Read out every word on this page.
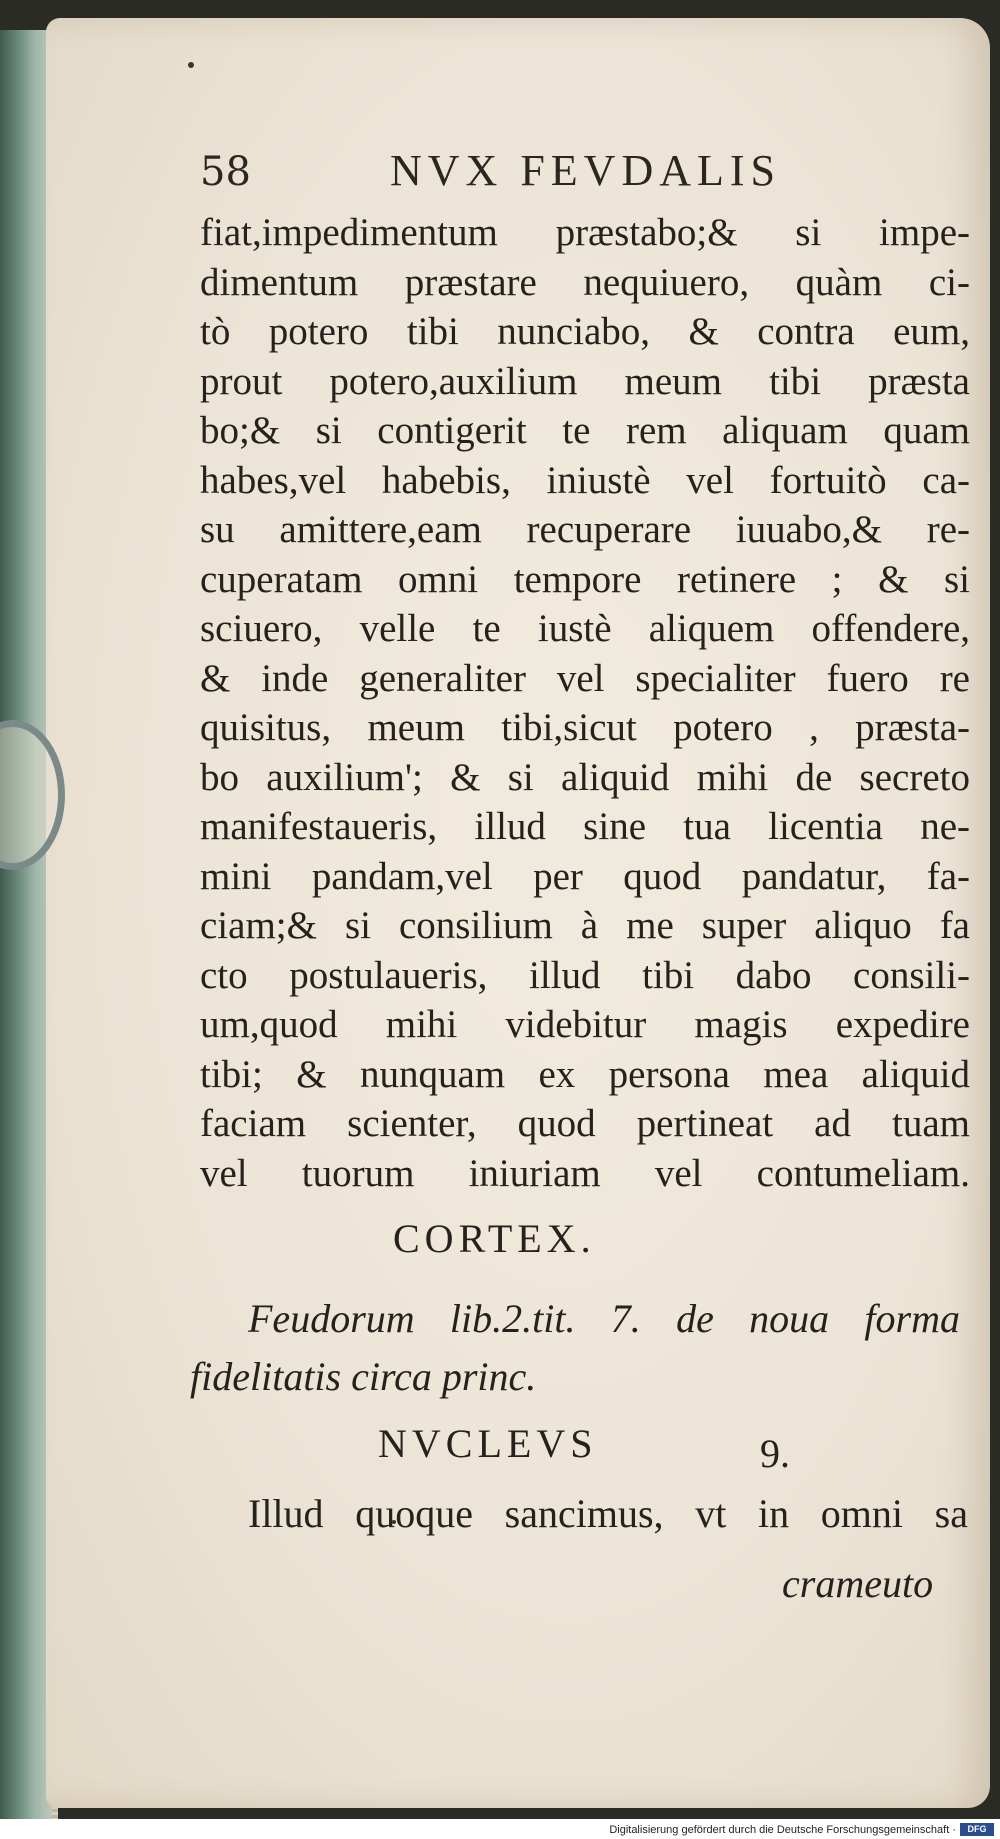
58	NVX FEVDALIS
fiat,impedimentum præstabo;& si impe-
dimentum præstare nequiuero, quàm ci-
tò potero tibi nunciabo, & contra eum,
prout potero,auxilium meum tibi præsta
bo;& si contigerit te rem aliquam quam
habes,vel habebis, iniustè vel fortuitò ca-
su amittere,eam recuperare iuuabo,& re-
cuperatam omni tempore retinere ; & si
sciuero, velle te iustè aliquem offendere,
& inde generaliter vel specialiter fuero re
quisitus, meum tibi,sicut potero , præsta-
bo auxilium'; & si aliquid mihi de secreto
manifestaueris, illud sine tua licentia ne-
mini pandam,vel per quod pandatur, fa-
ciam;& si consilium à me super aliquo fa
cto postulaueris, illud tibi dabo consili-
um,quod mihi videbitur magis expedire
tibi; & nunquam ex persona mea aliquid
faciam scienter, quod pertineat ad tuam
vel tuorum iniuriam vel contumeliam.
CORTEX.
Feudorum lib.2.tit. 7. de noua forma
fidelitatis circa princ.
NVCLEVS	9.
Illud quoque sancimus, vt in omni sa
crameuto
Digitalisierung gefördert durch die Deutsche Forschungsgemeinschaft ·	DFG
